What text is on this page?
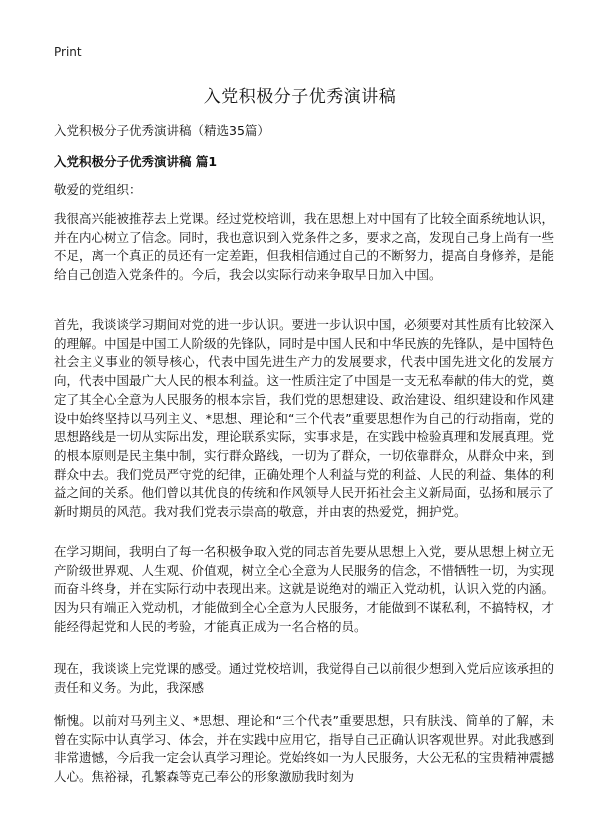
Print
入党积极分子优秀演讲稿
入党积极分子优秀演讲稿（精选35篇）
入党积极分子优秀演讲稿 篇1
敬爱的党组织：

我很高兴能被推荐去上党课。经过党校培训，我在思想上对中国有了比较全面系统地认识，并在内心树立了信念。同时，我也意识到入党条件之多，要求之高，发现自己身上尚有一些不足，离一个真正的员还有一定差距，但我相信通过自己的不断努力，提高自身修养，是能给自己创造入党条件的。今后，我会以实际行动来争取早日加入中国。

首先，我谈谈学习期间对党的进一步认识。要进一步认识中国，必须要对其性质有比较深入的理解。中国是中国工人阶级的先锋队，同时是中国人民和中华民族的先锋队，是中国特色社会主义事业的领导核心，代表中国先进生产力的发展要求，代表中国先进文化的发展方向，代表中国最广大人民的根本利益。这一性质注定了中国是一支无私奉献的伟大的党，奠定了其全心全意为人民服务的根本宗旨，我们党的思想建设、政治建设、组织建设和作风建设中始终坚持以马列主义、*思想、理论和“三个代表”重要思想作为自己的行动指南，党的思想路线是一切从实际出发，理论联系实际，实事求是，在实践中检验真理和发展真理。党的根本原则是民主集中制，实行群众路线，一切为了群众，一切依靠群众，从群众中来，到群众中去。我们党员严守党的纪律，正确处理个人利益与党的利益、人民的利益、集体的利益之间的关系。他们曾以其优良的传统和作风领导人民开拓社会主义新局面，弘扬和展示了新时期员的风范。我对我们党表示崇高的敬意，并由衷的热爱党，拥护党。

在学习期间，我明白了每一名积极争取入党的同志首先要从思想上入党，要从思想上树立无产阶级世界观、人生观、价值观，树立全心全意为人民服务的信念，不惜牺牲一切，为实现而奋斗终身，并在实际行动中表现出来。这就是说绝对的端正入党动机，认识入党的内涵。因为只有端正入党动机，才能做到全心全意为人民服务，才能做到不谋私利，不搞特权，才能经得起党和人民的考验，才能真正成为一名合格的员。

现在，我谈谈上完党课的感受。通过党校培训，我觉得自己以前很少想到入党后应该承担的责任和义务。为此，我深感

惭愧。以前对马列主义、*思想、理论和“三个代表”重要思想，只有肤浅、简单的了解，未曾在实际中认真学习、体会，并在实践中应用它，指导自己正确认识客观世界。对此我感到非常遗憾，今后我一定会认真学习理论。党始终如一为人民服务，大公无私的宝贵精神震撼人心。焦裕禄，孔繁森等克己奉公的形象激励我时刻为
